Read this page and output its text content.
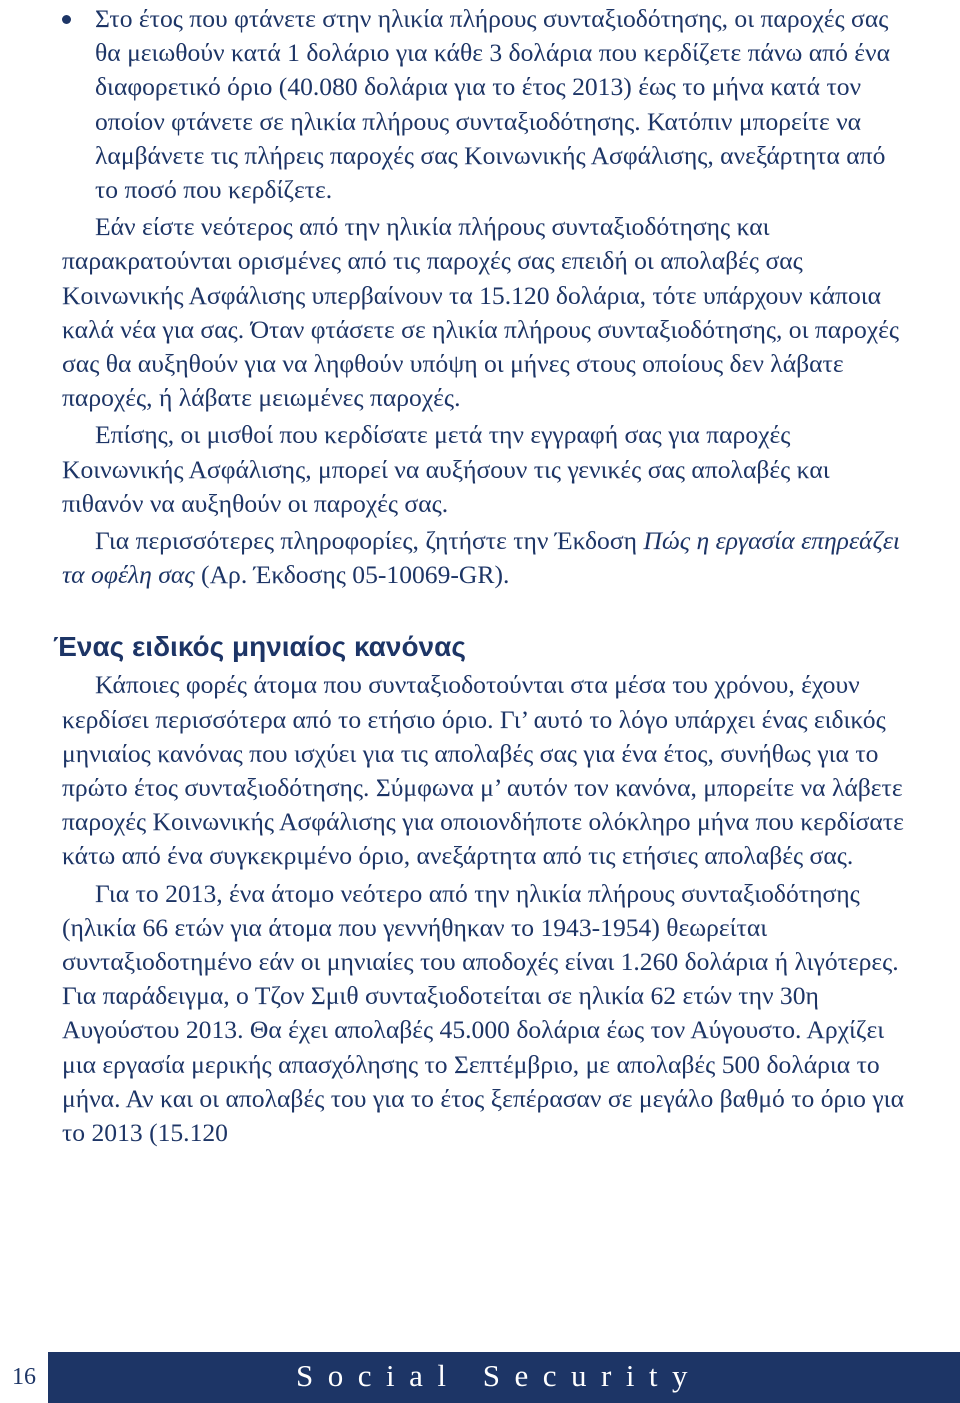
Στο έτος που φτάνετε στην ηλικία πλήρους συνταξιοδότησης, οι παροχές σας θα μειωθούν κατά 1 δολάριο για κάθε 3 δολάρια που κερδίζετε πάνω από ένα διαφορετικό όριο (40.080 δολάρια για το έτος 2013) έως το μήνα κατά τον οποίον φτάνετε σε ηλικία πλήρους συνταξιοδότησης. Κατόπιν μπορείτε να λαμβάνετε τις πλήρεις παροχές σας Κοινωνικής Ασφάλισης, ανεξάρτητα από το ποσό που κερδίζετε.

Εάν είστε νεότερος από την ηλικία πλήρους συνταξιοδότησης και παρακρατούνται ορισμένες από τις παροχές σας επειδή οι απολαβές σας Κοινωνικής Ασφάλισης υπερβαίνουν τα 15.120 δολάρια, τότε υπάρχουν κάποια καλά νέα για σας. Όταν φτάσετε σε ηλικία πλήρους συνταξιοδότησης, οι παροχές σας θα αυξηθούν για να ληφθούν υπόψη οι μήνες στους οποίους δεν λάβατε παροχές, ή λάβατε μειωμένες παροχές.

Επίσης, οι μισθοί που κερδίσατε μετά την εγγραφή σας για παροχές Κοινωνικής Ασφάλισης, μπορεί να αυξήσουν τις γενικές σας απολαβές και πιθανόν να αυξηθούν οι παροχές σας.

Για περισσότερες πληροφορίες, ζητήστε την Έκδοση Πώς η εργασία επηρεάζει τα οφέλη σας (Αρ. Έκδοσης 05-10069-GR).

Ένας ειδικός μηνιαίος κανόνας

Κάποιες φορές άτομα που συνταξιοδοτούνται στα μέσα του χρόνου, έχουν κερδίσει περισσότερα από το ετήσιο όριο. Γι’ αυτό το λόγο υπάρχει ένας ειδικός μηνιαίος κανόνας που ισχύει για τις απολαβές σας για ένα έτος, συνήθως για το πρώτο έτος συνταξιοδότησης. Σύμφωνα μ’ αυτόν τον κανόνα, μπορείτε να λάβετε παροχές Κοινωνικής Ασφάλισης για οποιονδήποτε ολόκληρο μήνα που κερδίσατε κάτω από ένα συγκεκριμένο όριο, ανεξάρτητα από τις ετήσιες απολαβές σας.

Για το 2013, ένα άτομο νεότερο από την ηλικία πλήρους συνταξιοδότησης (ηλικία 66 ετών για άτομα που γεννήθηκαν το 1943-1954) θεωρείται συνταξιοδοτημένο εάν οι μηνιαίες του αποδοχές είναι 1.260 δολάρια ή λιγότερες. Για παράδειγμα, ο Τζον Σμιθ συνταξιοδοτείται σε ηλικία 62 ετών την 30η Αυγούστου 2013. Θα έχει απολαβές 45.000 δολάρια έως τον Αύγουστο. Αρχίζει μια εργασία μερικής απασχόλησης το Σεπτέμβριο, με απολαβές 500 δολάρια το μήνα. Αν και οι απολαβές του για το έτος ξεπέρασαν σε μεγάλο βαθμό το όριο για το 2013 (15.120

16	Social Security
